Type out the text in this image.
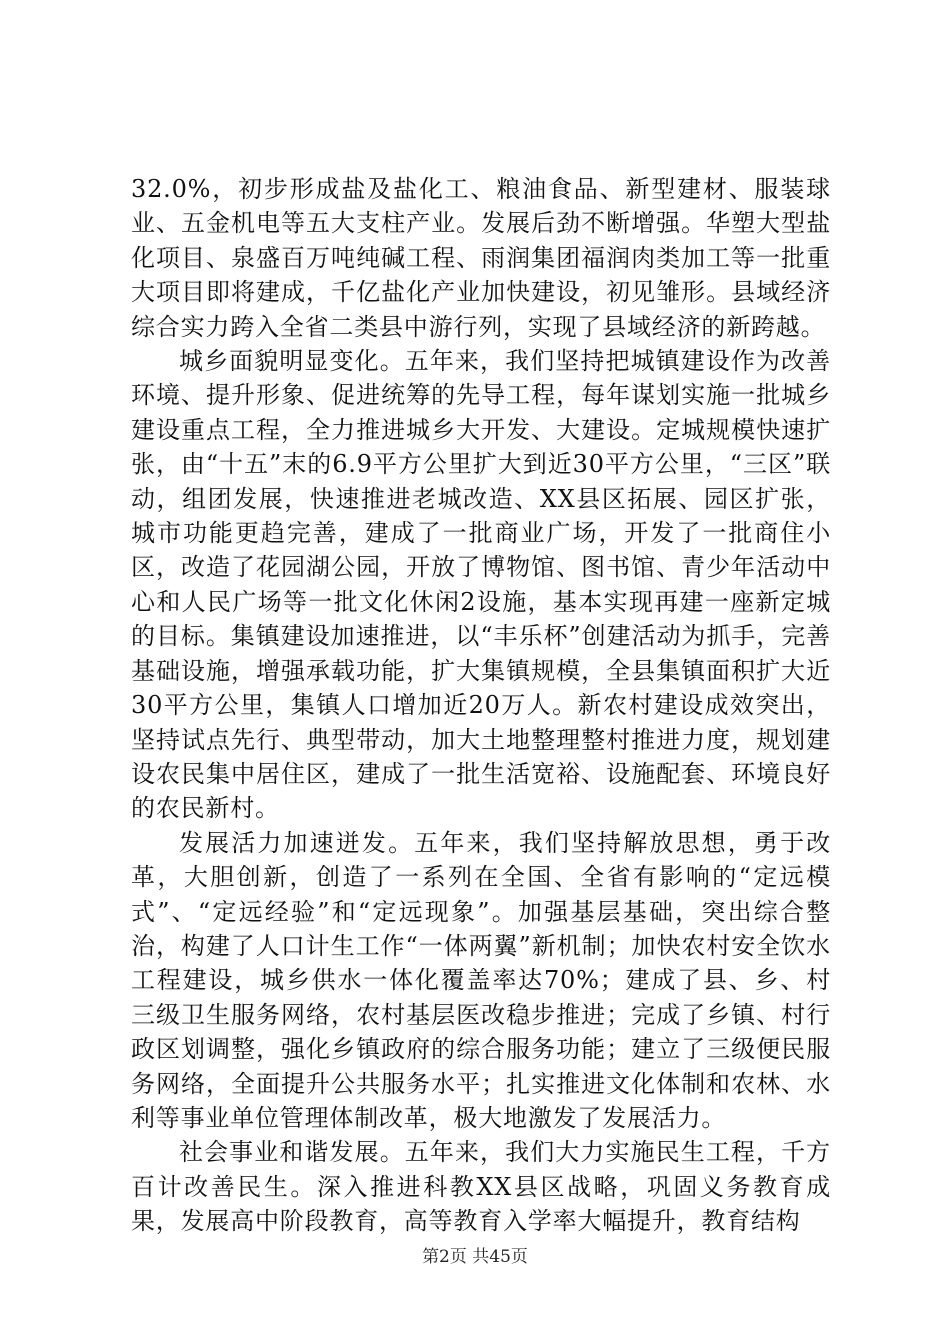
32.0%，初步形成盐及盐化工、粮油食品、新型建材、服装球业、五金机电等五大支柱产业。发展后劲不断增强。华塑大型盐化项目、泉盛百万吨纯碱工程、雨润集团福润肉类加工等一批重大项目即将建成，千亿盐化产业加快建设，初见雏形。县域经济综合实力跨入全省二类县中游行列，实现了县域经济的新跨越。

城乡面貌明显变化。五年来，我们坚持把城镇建设作为改善环境、提升形象、促进统筹的先导工程，每年谋划实施一批城乡建设重点工程，全力推进城乡大开发、大建设。定城规模快速扩张，由“十五”末的6.9平方公里扩大到近30平方公里，“三区”联动，组团发展，快速推进老城改造、XX县区拓展、园区扩张，城市功能更趋完善，建成了一批商业广场，开发了一批商住小区，改造了花园湖公园，开放了博物馆、图书馆、青少年活动中心和人民广场等一批文化休闲2设施，基本实现再建一座新定城的目标。集镇建设加速推进，以“丰乐杯”创建活动为抓手，完善基础设施，增强承载功能，扩大集镇规模，全县集镇面积扩大近30平方公里，集镇人口增加近20万人。新农村建设成效突出，坚持试点先行、典型带动，加大土地整理整村推进力度，规划建设农民集中居住区，建成了一批生活宽裕、设施配套、环境良好的农民新村。

发展活力加速迸发。五年来，我们坚持解放思想，勇于改革，大胆创新，创造了一系列在全国、全省有影响的“定远模式”、“定远经验”和“定远现象”。加强基层基础，突出综合整治，构建了人口计生工作“一体两翼”新机制；加快农村安全饮水工程建设，城乡供水一体化覆盖率达70%；建成了县、乡、村三级卫生服务网络，农村基层医改稳步推进；完成了乡镇、村行政区划调整，强化乡镇政府的综合服务功能；建立了三级便民服务网络，全面提升公共服务水平；扎实推进文化体制和农林、水利等事业单位管理体制改革，极大地激发了发展活力。

社会事业和谐发展。五年来，我们大力实施民生工程，千方百计改善民生。深入推进科教XX县区战略，巩固义务教育成果，发展高中阶段教育，高等教育入学率大幅提升，教育结构

第2页 共45页
